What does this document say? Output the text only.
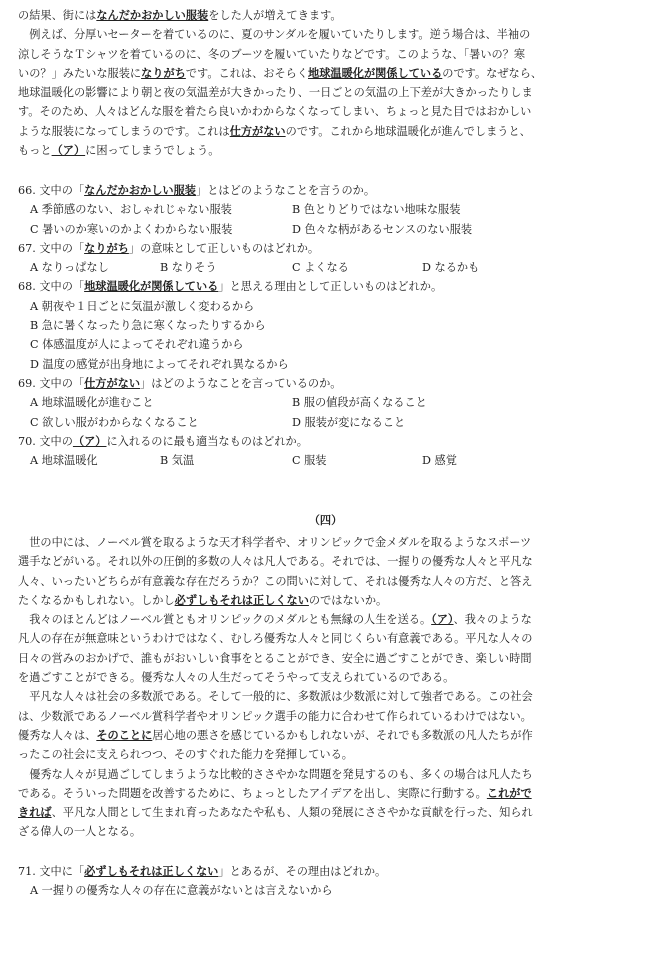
の結果、街にはなんだかおかしい服装をした人が増えてきます。

　例えば、分厚いセーターを着ているのに、夏のサンダルを履いていたりします。逆う場合は、半袖の

涼しそうなＴシャツを着ているのに、冬のブーツを履いていたりなどです。このような、「暑いの？寒

いの？」みたいな服装になりがちです。これは、おそらく地球温暖化が関係しているのです。なぜなら、

地球温暖化の影響により朝と夜の気温差が大きかったり、一日ごとの気温の上下差が大きかったりしま

す。そのため、人々はどんな服を着たら良いかわからなくなってしまい、ちょっと見た目ではおかしい

ような服装になってしまうのです。これは仕方がないのです。これから地球温暖化が進んでしまうと、

もっと（ア）に困ってしまうでしょう。

66. 文中の「なんだかおかしい服装」とはどのようなことを言うのか。

A 季節感のない、おしゃれじゃない服装	B 色とりどりではない地味な服装
C 暑いのか寒いのかよくわからない服装	D 色々な柄があるセンスのない服装

67. 文中の「なりがち」の意味として正しいものはどれか。

A なりっぱなし	B なりそう	C よくなる	D なるかも

68. 文中の「地球温暖化が関係している」と思える理由として正しいものはどれか。

A 朝夜や１日ごとに気温が激しく変わるから
B 急に暑くなったり急に寒くなったりするから
C 体感温度が人によってそれぞれ違うから
D 温度の感覚が出身地によってそれぞれ異なるから

69. 文中の「仕方がない」はどのようなことを言っているのか。

A 地球温暖化が進むこと	B 服の値段が高くなること
C 欲しい服がわからなくなること	D 服装が変になること

70. 文中の（ア）に入れるのに最も適当なものはどれか。

A 地球温暖化	B 気温	C 服装	D 感覚

（四）

　世の中には、ノーベル賞を取るような天才科学者や、オリンピックで金メダルを取るようなスポーツ

選手などがいる。それ以外の圧倒的多数の人々は凡人である。それでは、一握りの優秀な人々と平凡な

人々、いったいどちらが有意義な存在だろうか？この問いに対して、それは優秀な人々の方だ、と答え

たくなるかもしれない。しかし必ずしもそれは正しくないのではないか。

　我々のほとんどはノーベル賞ともオリンピックのメダルとも無縁の人生を送る。（ア）、我々のような

凡人の存在が無意味というわけではなく、むしろ優秀な人々と同じくらい有意義である。平凡な人々の

日々の営みのおかげで、誰もがおいしい食事をとることができ、安全に過ごすことができ、楽しい時間

を過ごすことができる。優秀な人々の人生だってそうやって支えられているのである。

　平凡な人々は社会の多数派である。そして一般的に、多数派は少数派に対して強者である。この社会

は、少数派であるノーベル賞科学者やオリンピック選手の能力に合わせて作られているわけではない。

優秀な人々は、そのことに居心地の悪さを感じているかもしれないが、それでも多数派の凡人たちが作

ったこの社会に支えられつつ、そのすぐれた能力を発揮している。

　優秀な人々が見過ごしてしまうような比較的ささやかな問題を発見するのも、多くの場合は凡人たち

である。そういった問題を改善するために、ちょっとしたアイデアを出し、実際に行動する。これがで

きれば、平凡な人間として生まれ育ったあなたや私も、人類の発展にささやかな貢献を行った、知られ

ざる偉人の一人となる。

71. 文中に「必ずしもそれは正しくない」とあるが、その理由はどれか。

A 一握りの優秀な人々の存在に意義がないとは言えないから
